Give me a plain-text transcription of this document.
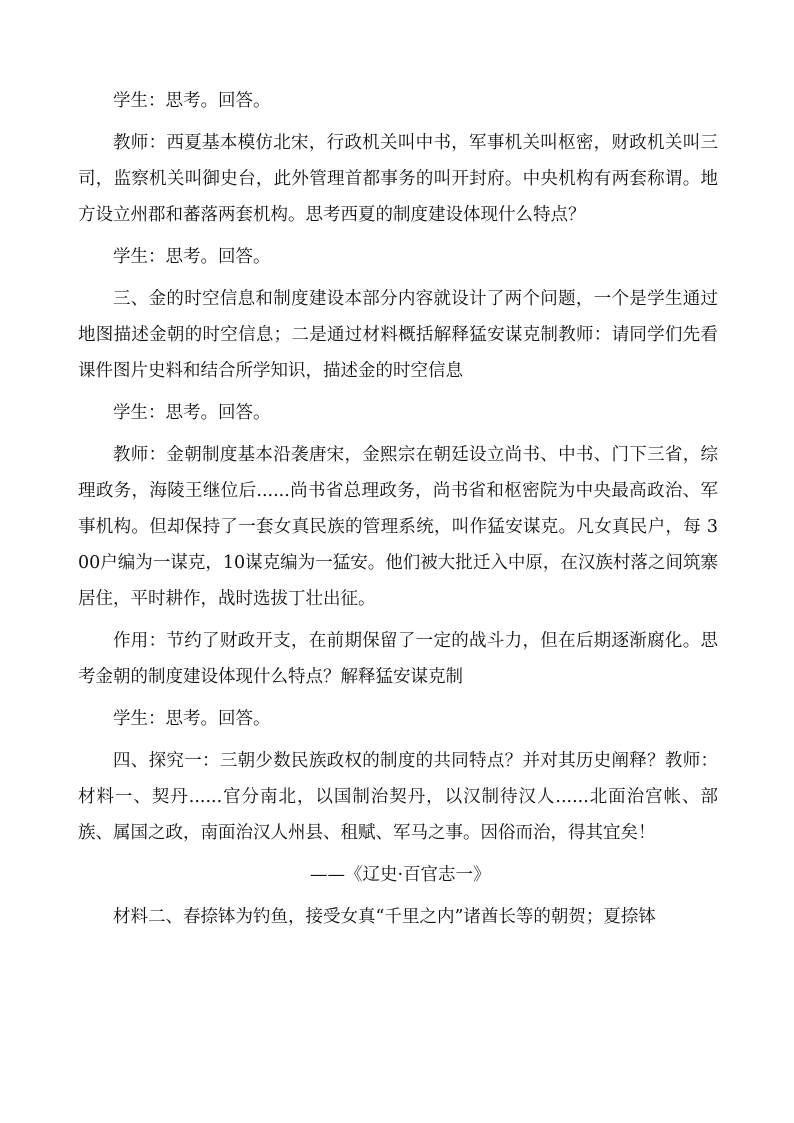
学生：思考。回答。

教师：西夏基本模仿北宋，行政机关叫中书，军事机关叫枢密，财政机关叫三司，监察机关叫御史台，此外管理首都事务的叫开封府。中央机构有两套称谓。地方设立州郡和蕃落两套机构。思考西夏的制度建设体现什么特点？

学生：思考。回答。

三、金的时空信息和制度建设本部分内容就设计了两个问题，一个是学生通过地图描述金朝的时空信息；二是通过材料概括解释猛安谋克制教师：请同学们先看课件图片史料和结合所学知识，描述金的时空信息

学生：思考。回答。

教师：金朝制度基本沿袭唐宋，金熙宗在朝廷设立尚书、中书、门下三省，综理政务，海陵王继位后......尚书省总理政务，尚书省和枢密院为中央最高政治、军事机构。但却保持了一套女真民族的管理系统，叫作猛安谋克。凡女真民户，每 300户编为一谋克，10谋克编为一猛安。他们被大批迁入中原，在汉族村落之间筑寨居住，平时耕作，战时选拔丁壮出征。

作用：节约了财政开支，在前期保留了一定的战斗力，但在后期逐渐腐化。思考金朝的制度建设体现什么特点？解释猛安谋克制

学生：思考。回答。

四、探究一：三朝少数民族政权的制度的共同特点？并对其历史阐释？教师：材料一、契丹......官分南北，以国制治契丹，以汉制待汉人......北面治宫帐、部族、属国之政，南面治汉人州县、租赋、军马之事。因俗而治，得其宜矣！

——《辽史·百官志一》

材料二、春捺钵为钓鱼，接受女真“千里之内”诸酋长等的朝贺；夏捺钵
